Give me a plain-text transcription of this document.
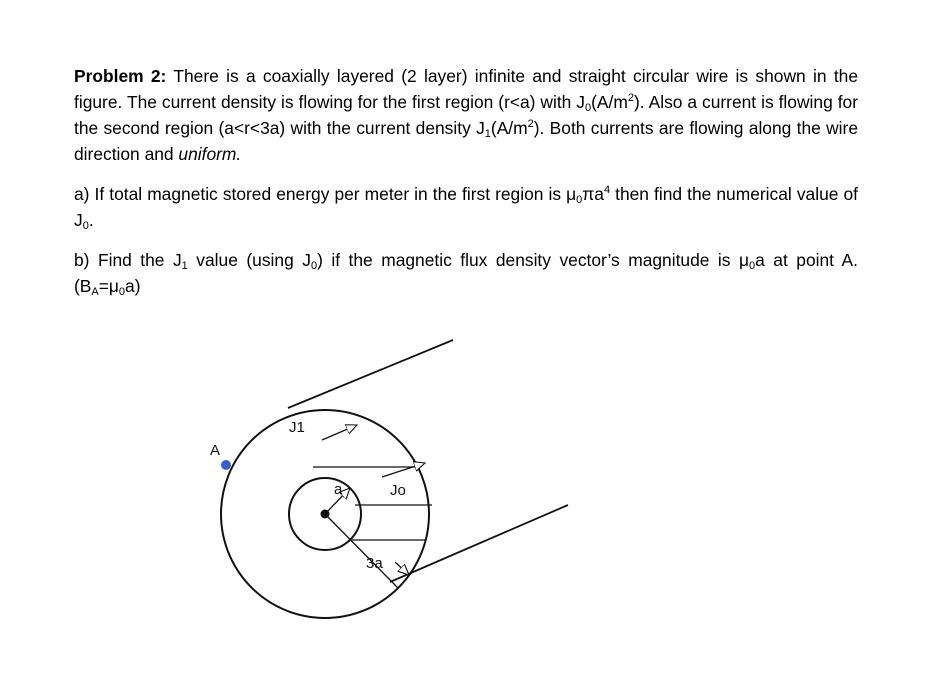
Problem 2: There is a coaxially layered (2 layer) infinite and straight circular wire is shown in the figure. The current density is flowing for the first region (r<a) with $J_0(A/m^2)$. Also a current is flowing for the second region (a<r<3a) with the current density $J_1(A/m^2)$. Both currents are flowing along the wire direction and uniform.

a) If total magnetic stored energy per meter in the first region is $\mu_0\pi a^4$ then find the numerical value of $J_0$.

b) Find the $J_1$ value (using $J_0$) if the magnetic flux density vector’s magnitude is $\mu_0a$ at point A. $(B_A=\mu_0a)$

A
J1
a	Jo
3a
